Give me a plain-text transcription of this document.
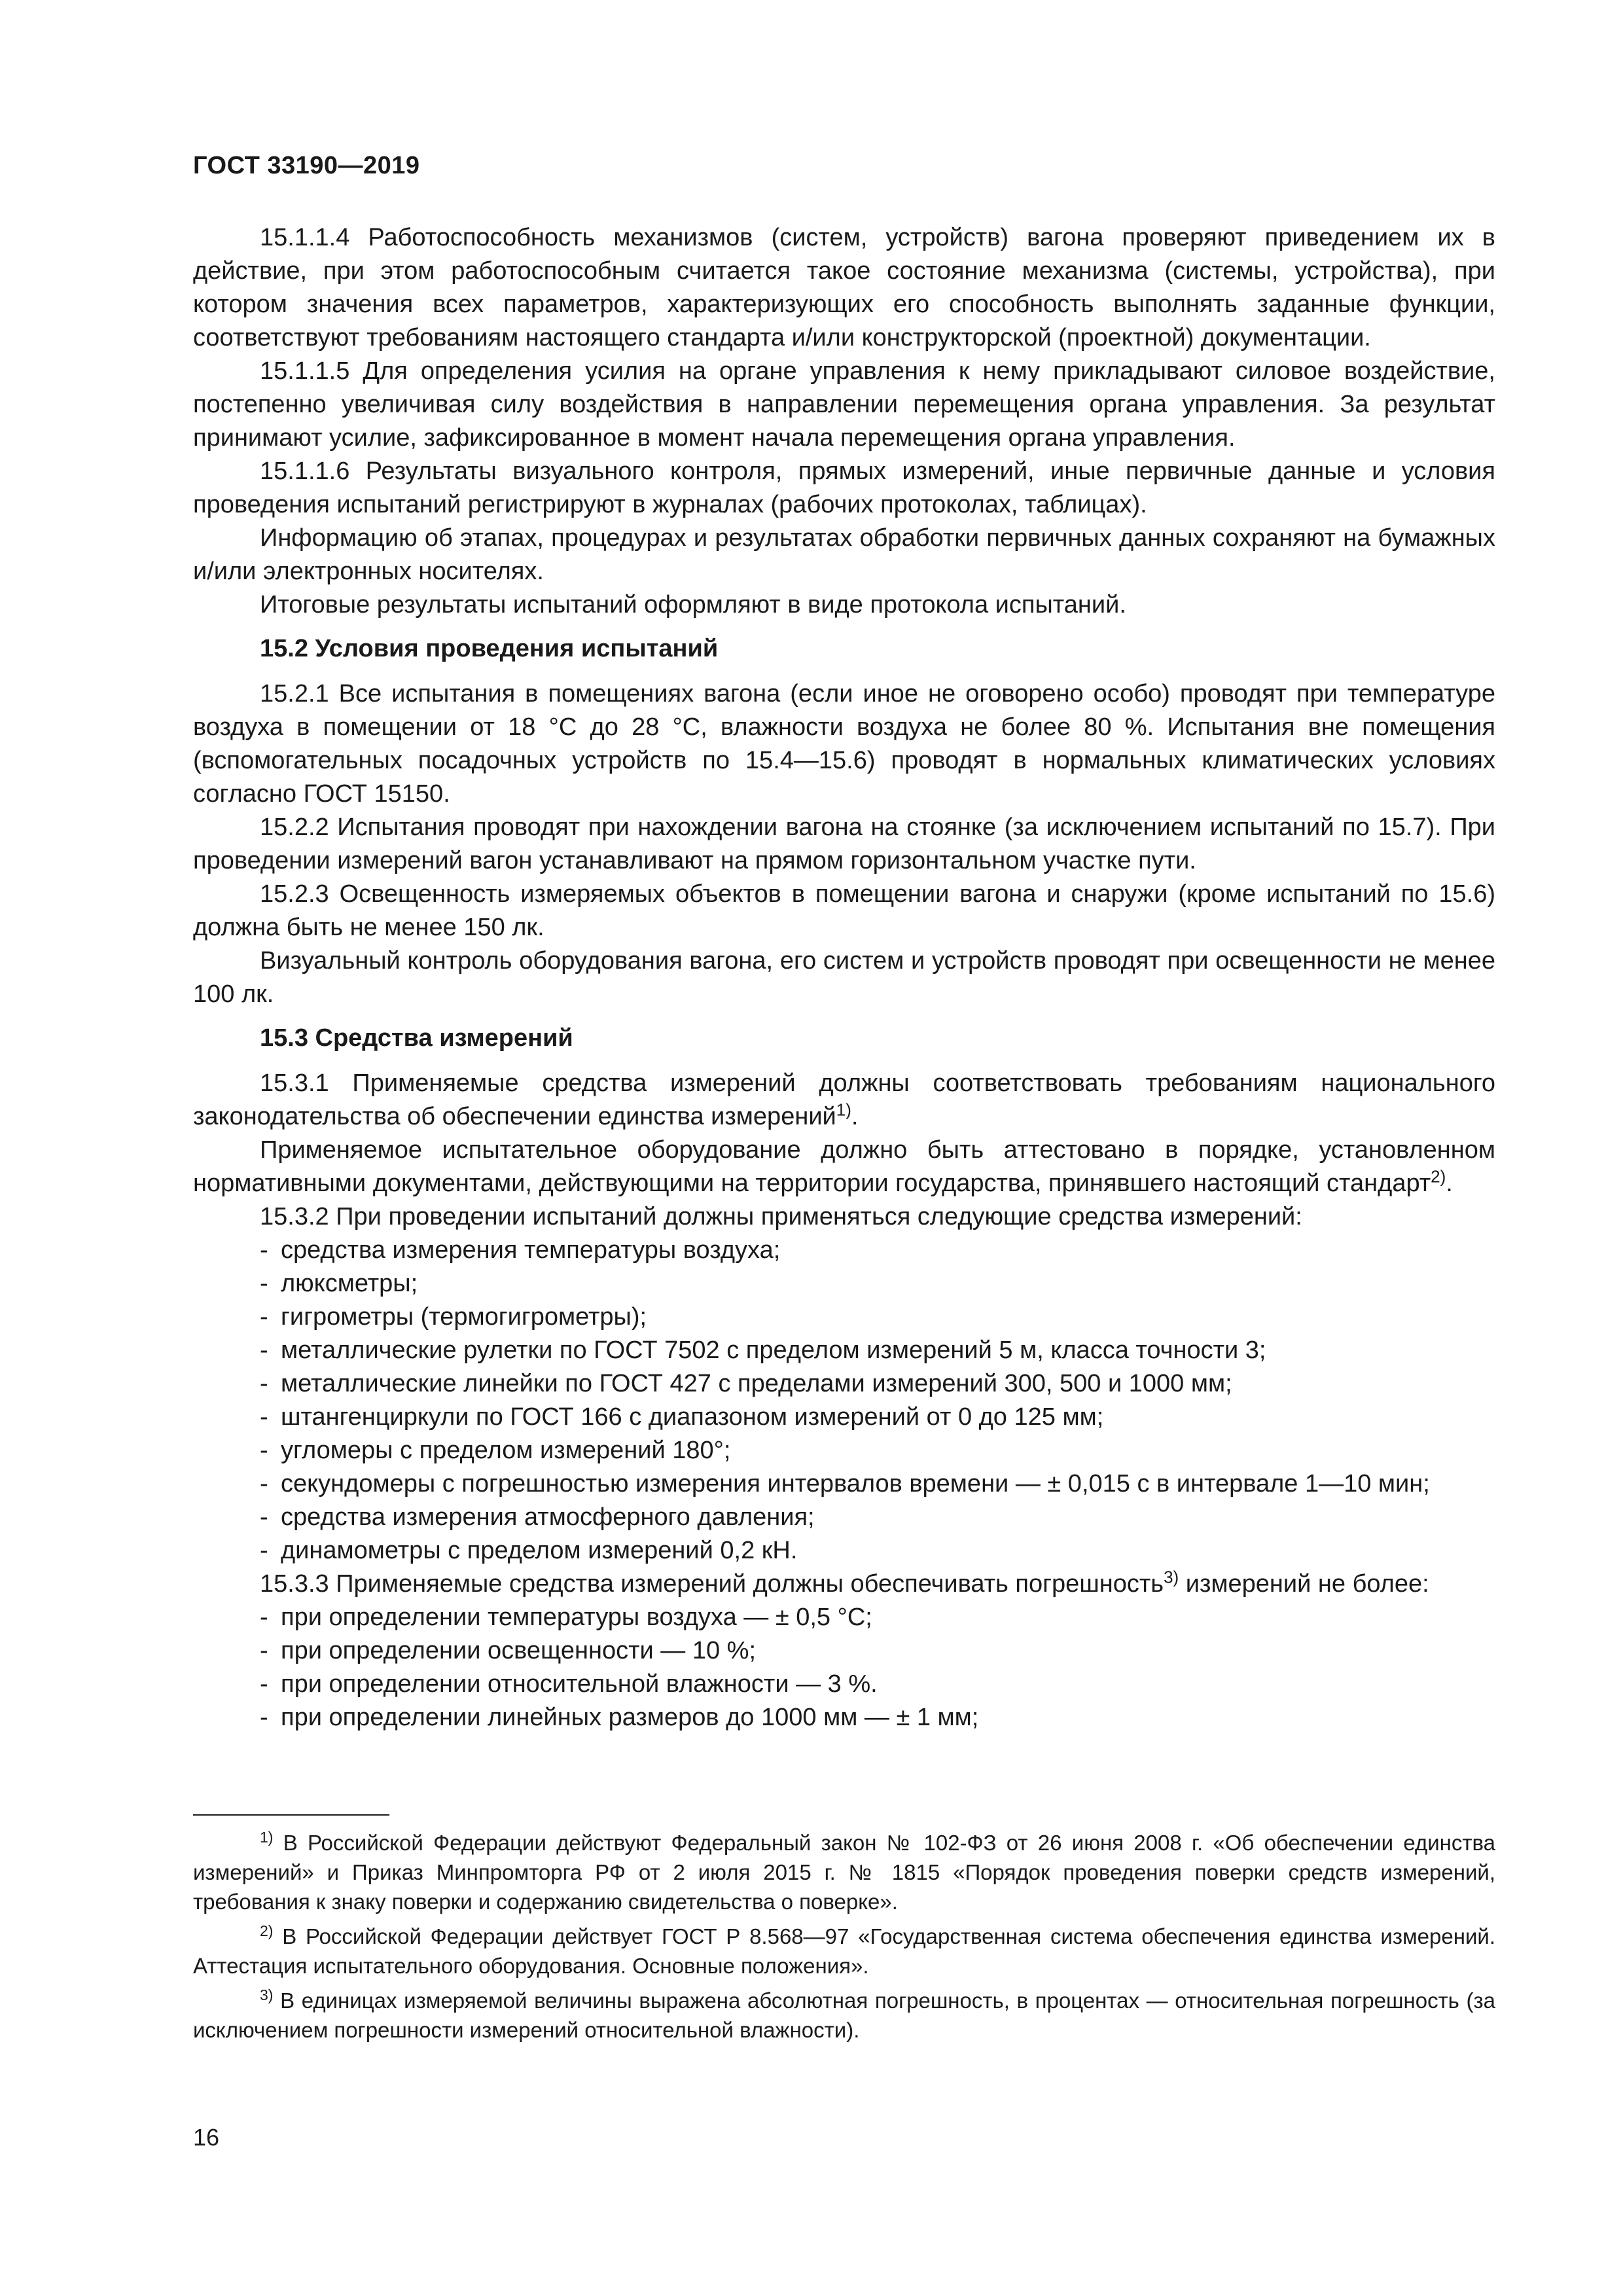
ГОСТ 33190—2019

15.1.1.4 Работоспособность механизмов (систем, устройств) вагона проверяют приведением их в действие, при этом работоспособным считается такое состояние механизма (системы, устройства), при котором значения всех параметров, характеризующих его способность выполнять заданные функции, соответствуют требованиям настоящего стандарта и/или конструкторской (проектной) документации.

15.1.1.5 Для определения усилия на органе управления к нему прикладывают силовое воздействие, постепенно увеличивая силу воздействия в направлении перемещения органа управления. За результат принимают усилие, зафиксированное в момент начала перемещения органа управления.

15.1.1.6 Результаты визуального контроля, прямых измерений, иные первичные данные и условия проведения испытаний регистрируют в журналах (рабочих протоколах, таблицах).

Информацию об этапах, процедурах и результатах обработки первичных данных сохраняют на бумажных и/или электронных носителях.

Итоговые результаты испытаний оформляют в виде протокола испытаний.

15.2 Условия проведения испытаний

15.2.1 Все испытания в помещениях вагона (если иное не оговорено особо) проводят при температуре воздуха в помещении от 18 °С до 28 °С, влажности воздуха не более 80 %. Испытания вне помещения (вспомогательных посадочных устройств по 15.4—15.6) проводят в нормальных климатических условиях согласно ГОСТ 15150.

15.2.2 Испытания проводят при нахождении вагона на стоянке (за исключением испытаний по 15.7). При проведении измерений вагон устанавливают на прямом горизонтальном участке пути.

15.2.3 Освещенность измеряемых объектов в помещении вагона и снаружи (кроме испытаний по 15.6) должна быть не менее 150 лк.

Визуальный контроль оборудования вагона, его систем и устройств проводят при освещенности не менее 100 лк.

15.3 Средства измерений

15.3.1 Применяемые средства измерений должны соответствовать требованиям национального законодательства об обеспечении единства измерений$^{1)}$.

Применяемое испытательное оборудование должно быть аттестовано в порядке, установленном нормативными документами, действующими на территории государства, принявшего настоящий стандарт$^{2)}$.

15.3.2 При проведении испытаний должны применяться следующие средства измерений:

- средства измерения температуры воздуха;
- люксметры;
- гигрометры (термогигрометры);
- металлические рулетки по ГОСТ 7502 с пределом измерений 5 м, класса точности 3;
- металлические линейки по ГОСТ 427 с пределами измерений 300, 500 и 1000 мм;
- штангенциркули по ГОСТ 166 с диапазоном измерений от 0 до 125 мм;
- угломеры с пределом измерений 180°;
- секундомеры с погрешностью измерения интервалов времени — ± 0,015 с в интервале 1—10 мин;
- средства измерения атмосферного давления;
- динамометры с пределом измерений 0,2 кН.

15.3.3 Применяемые средства измерений должны обеспечивать погрешность$^{3)}$ измерений не более:

- при определении температуры воздуха — ± 0,5 °С;
- при определении освещенности — 10 %;
- при определении относительной влажности — 3 %.
- при определении линейных размеров до 1000 мм — ± 1 мм;

$^{1)}$ В Российской Федерации действуют Федеральный закон № 102-ФЗ от 26 июня 2008 г. «Об обеспечении единства измерений» и Приказ Минпромторга РФ от 2 июля 2015 г. № 1815 «Порядок проведения поверки средств измерений, требования к знаку поверки и содержанию свидетельства о поверке».

$^{2)}$ В Российской Федерации действует ГОСТ Р 8.568—97 «Государственная система обеспечения единства измерений. Аттестация испытательного оборудования. Основные положения».

$^{3)}$ В единицах измеряемой величины выражена абсолютная погрешность, в процентах — относительная погрешность (за исключением погрешности измерений относительной влажности).

16
